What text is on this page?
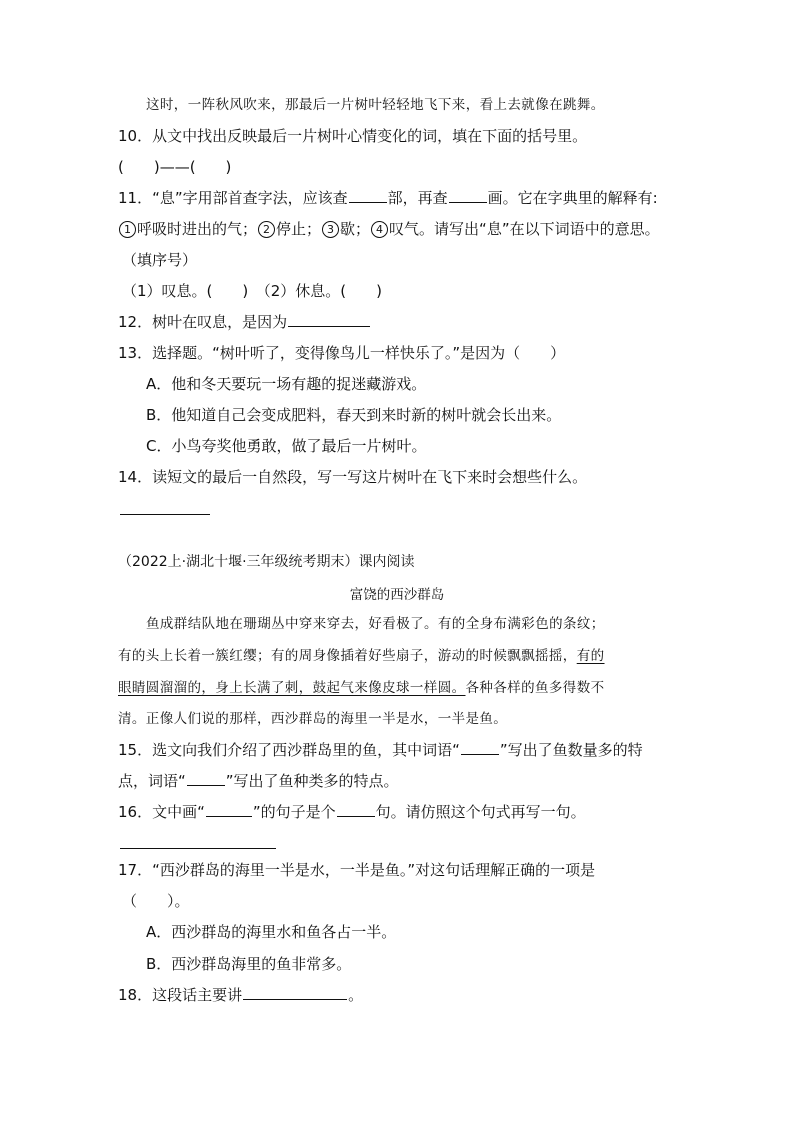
这时，一阵秋风吹来，那最后一片树叶轻轻地飞下来，看上去就像在跳舞。
10．从文中找出反映最后一片树叶心情变化的词，填在下面的括号里。
(　　)——(　　)
11．“息”字用部首查字法，应该查	部，再查	画。它在字典里的解释有:
1 呼吸时进出的气； 2 停止； 3 歇； 4 叹气。请写出“息”在以下词语中的意思。
（填序号）
（1）叹息。(　　)　（2）休息。(　　)
12．树叶在叹息，是因为
13．选择题。“树叶听了，变得像鸟儿一样快乐了。”是因为（　　）
A．他和冬天要玩一场有趣的捉迷藏游戏。
B．他知道自己会变成肥料，春天到来时新的树叶就会长出来。
C．小鸟夸奖他勇敢，做了最后一片树叶。
14．读短文的最后一自然段，写一写这片树叶在飞下来时会想些什么。
（2022上·湖北十堰·三年级统考期末）课内阅读
富饶的西沙群岛
鱼成群结队地在珊瑚丛中穿来穿去，好看极了。有的全身布满彩色的条纹；
有的头上长着一簇红缨；有的周身像插着好些扇子，游动的时候飘飘摇摇，有的
眼睛圆溜溜的，身上长满了刺，鼓起气来像皮球一样圆。各种各样的鱼多得数不
清。正像人们说的那样，西沙群岛的海里一半是水，一半是鱼。
15．选文向我们介绍了西沙群岛里的鱼，其中词语“	”写出了鱼数量多的特
点，词语“	”写出了鱼种类多的特点。
16．文中画“	”的句子是个	句。请仿照这个句式再写一句。
17．“西沙群岛的海里一半是水，一半是鱼。”对这句话理解正确的一项是
（　　）。
A．西沙群岛的海里水和鱼各占一半。
B．西沙群岛海里的鱼非常多。
18．这段话主要讲	。
